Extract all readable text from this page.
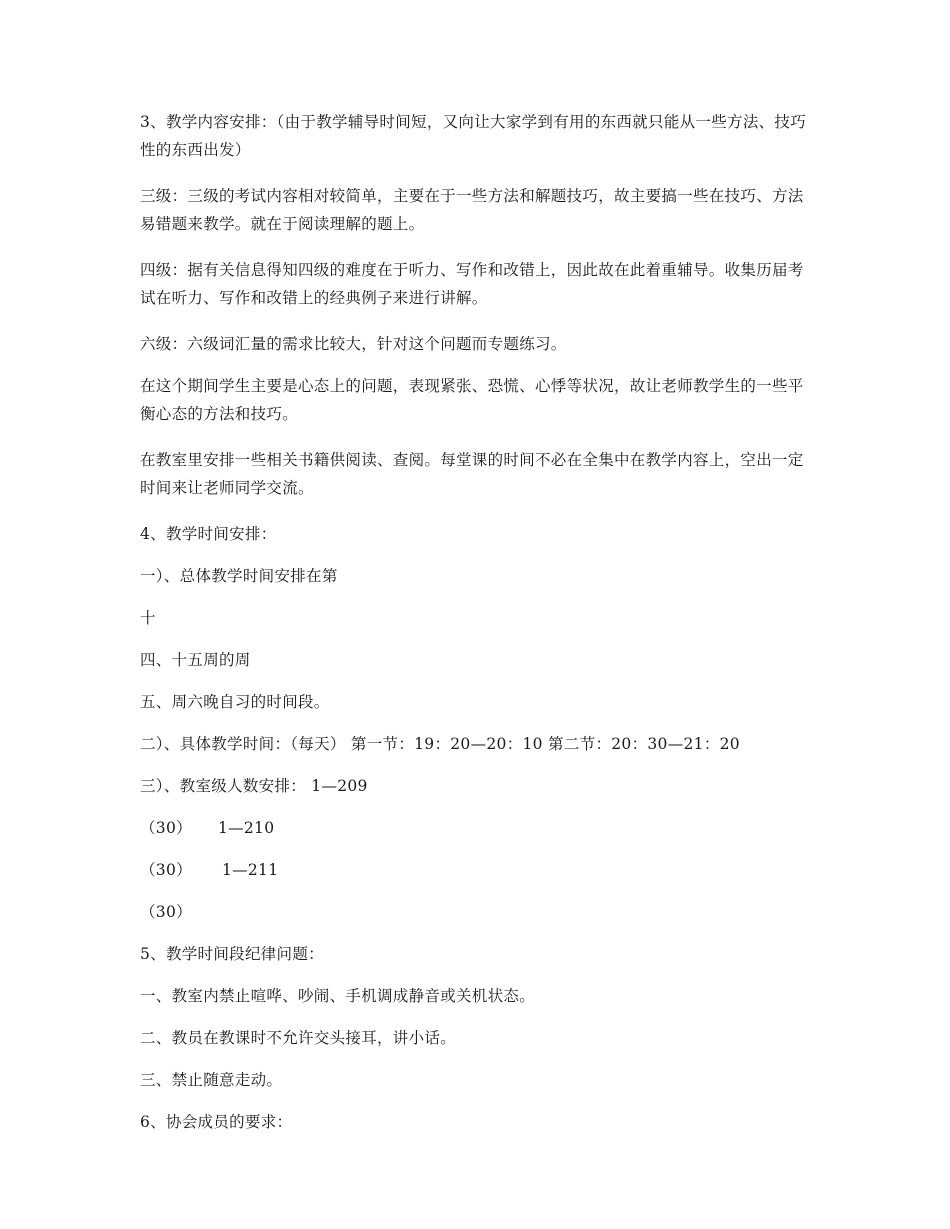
3、教学内容安排：（由于教学辅导时间短，又向让大家学到有用的东西就只能从一些方法、技巧性的东西出发）

三级：三级的考试内容相对较简单，主要在于一些方法和解题技巧，故主要搞一些在技巧、方法易错题来教学。就在于阅读理解的题上。

四级：据有关信息得知四级的难度在于听力、写作和改错上，因此故在此着重辅导。收集历届考试在听力、写作和改错上的经典例子来进行讲解。

六级：六级词汇量的需求比较大，针对这个问题而专题练习。

在这个期间学生主要是心态上的问题，表现紧张、恐慌、心悸等状况，故让老师教学生的一些平衡心态的方法和技巧。

在教室里安排一些相关书籍供阅读、查阅。每堂课的时间不必在全集中在教学内容上，空出一定时间来让老师同学交流。

4、教学时间安排：

一）、总体教学时间安排在第

十

四、十五周的周

五、周六晚自习的时间段。

二）、具体教学时间：（每天） 第一节：19：20—20：10 第二节：20：30—21：20

三）、教室级人数安排： 1—209

（30） 1—210

（30） 1—211

（30）

5、教学时间段纪律问题：

一、教室内禁止喧哗、吵闹、手机调成静音或关机状态。

二、教员在教课时不允许交头接耳，讲小话。

三、禁止随意走动。

6、协会成员的要求：
